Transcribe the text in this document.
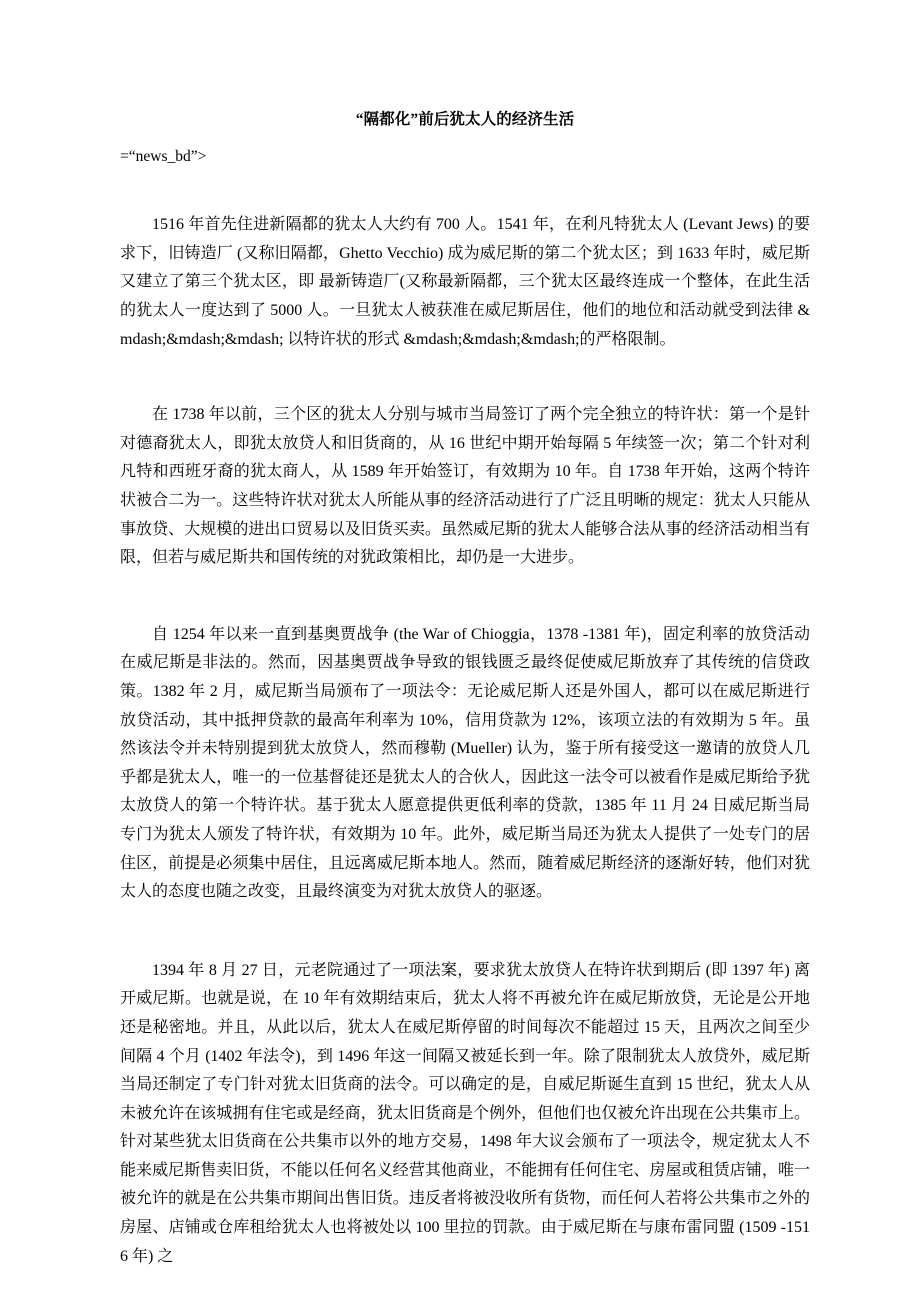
“隔都化”前后犹太人的经济生活
=“news_bd”>

1516 年首先住进新隔都的犹太人大约有 700 人。1541 年，在利凡特犹太人 (Levant Jews) 的要求下，旧铸造厂 (又称旧隔都，Ghetto Vecchio) 成为威尼斯的第二个犹太区；到 1633 年时，威尼斯又建立了第三个犹太区，即 最新铸造厂(又称最新隔都，三个犹太区最终连成一个整体，在此生活的犹太人一度达到了 5000 人。一旦犹太人被获准在威尼斯居住，他们的地位和活动就受到法律 &mdash;&mdash;&mdash; 以特许状的形式 &mdash;&mdash;&mdash;的严格限制。

在 1738 年以前，三个区的犹太人分别与城市当局签订了两个完全独立的特许状：第一个是针对德裔犹太人，即犹太放贷人和旧货商的，从 16 世纪中期开始每隔 5 年续签一次；第二个针对利凡特和西班牙裔的犹太商人，从 1589 年开始签订，有效期为 10 年。自 1738 年开始，这两个特许状被合二为一。这些特许状对犹太人所能从事的经济活动进行了广泛且明晰的规定：犹太人只能从事放贷、大规模的进出口贸易以及旧货买卖。虽然威尼斯的犹太人能够合法从事的经济活动相当有限，但若与威尼斯共和国传统的对犹政策相比，却仍是一大进步。

自 1254 年以来一直到基奥贾战争 (the War of Chioggia，1378 -1381 年)，固定利率的放贷活动在威尼斯是非法的。然而，因基奥贾战争导致的银钱匮乏最终促使威尼斯放弃了其传统的信贷政策。1382 年 2 月，威尼斯当局颁布了一项法令：无论威尼斯人还是外国人，都可以在威尼斯进行放贷活动，其中抵押贷款的最高年利率为 10%，信用贷款为 12%，该项立法的有效期为 5 年。虽然该法令并未特别提到犹太放贷人，然而穆勒 (Mueller) 认为，鉴于所有接受这一邀请的放贷人几乎都是犹太人，唯一的一位基督徒还是犹太人的合伙人，因此这一法令可以被看作是威尼斯给予犹太放贷人的第一个特许状。基于犹太人愿意提供更低利率的贷款，1385 年 11 月 24 日威尼斯当局专门为犹太人颁发了特许状，有效期为 10 年。此外，威尼斯当局还为犹太人提供了一处专门的居住区，前提是必须集中居住，且远离威尼斯本地人。然而，随着威尼斯经济的逐渐好转，他们对犹太人的态度也随之改变，且最终演变为对犹太放贷人的驱逐。

1394 年 8 月 27 日，元老院通过了一项法案，要求犹太放贷人在特许状到期后 (即 1397 年) 离开威尼斯。也就是说，在 10 年有效期结束后，犹太人将不再被允许在威尼斯放贷，无论是公开地还是秘密地。并且，从此以后，犹太人在威尼斯停留的时间每次不能超过 15 天，且两次之间至少间隔 4 个月 (1402 年法令)，到 1496 年这一间隔又被延长到一年。除了限制犹太人放贷外，威尼斯当局还制定了专门针对犹太旧货商的法令。可以确定的是，自威尼斯诞生直到 15 世纪，犹太人从未被允许在该城拥有住宅或是经商，犹太旧货商是个例外，但他们也仅被允许出现在公共集市上。针对某些犹太旧货商在公共集市以外的地方交易，1498 年大议会颁布了一项法令，规定犹太人不能来威尼斯售卖旧货，不能以任何名义经营其他商业，不能拥有任何住宅、房屋或租赁店铺，唯一被允许的就是在公共集市期间出售旧货。违反者将被没收所有货物，而任何人若将公共集市之外的房屋、店铺或仓库租给犹太人也将被处以 100 里拉的罚款。由于威尼斯在与康布雷同盟 (1509 -1516 年) 之
